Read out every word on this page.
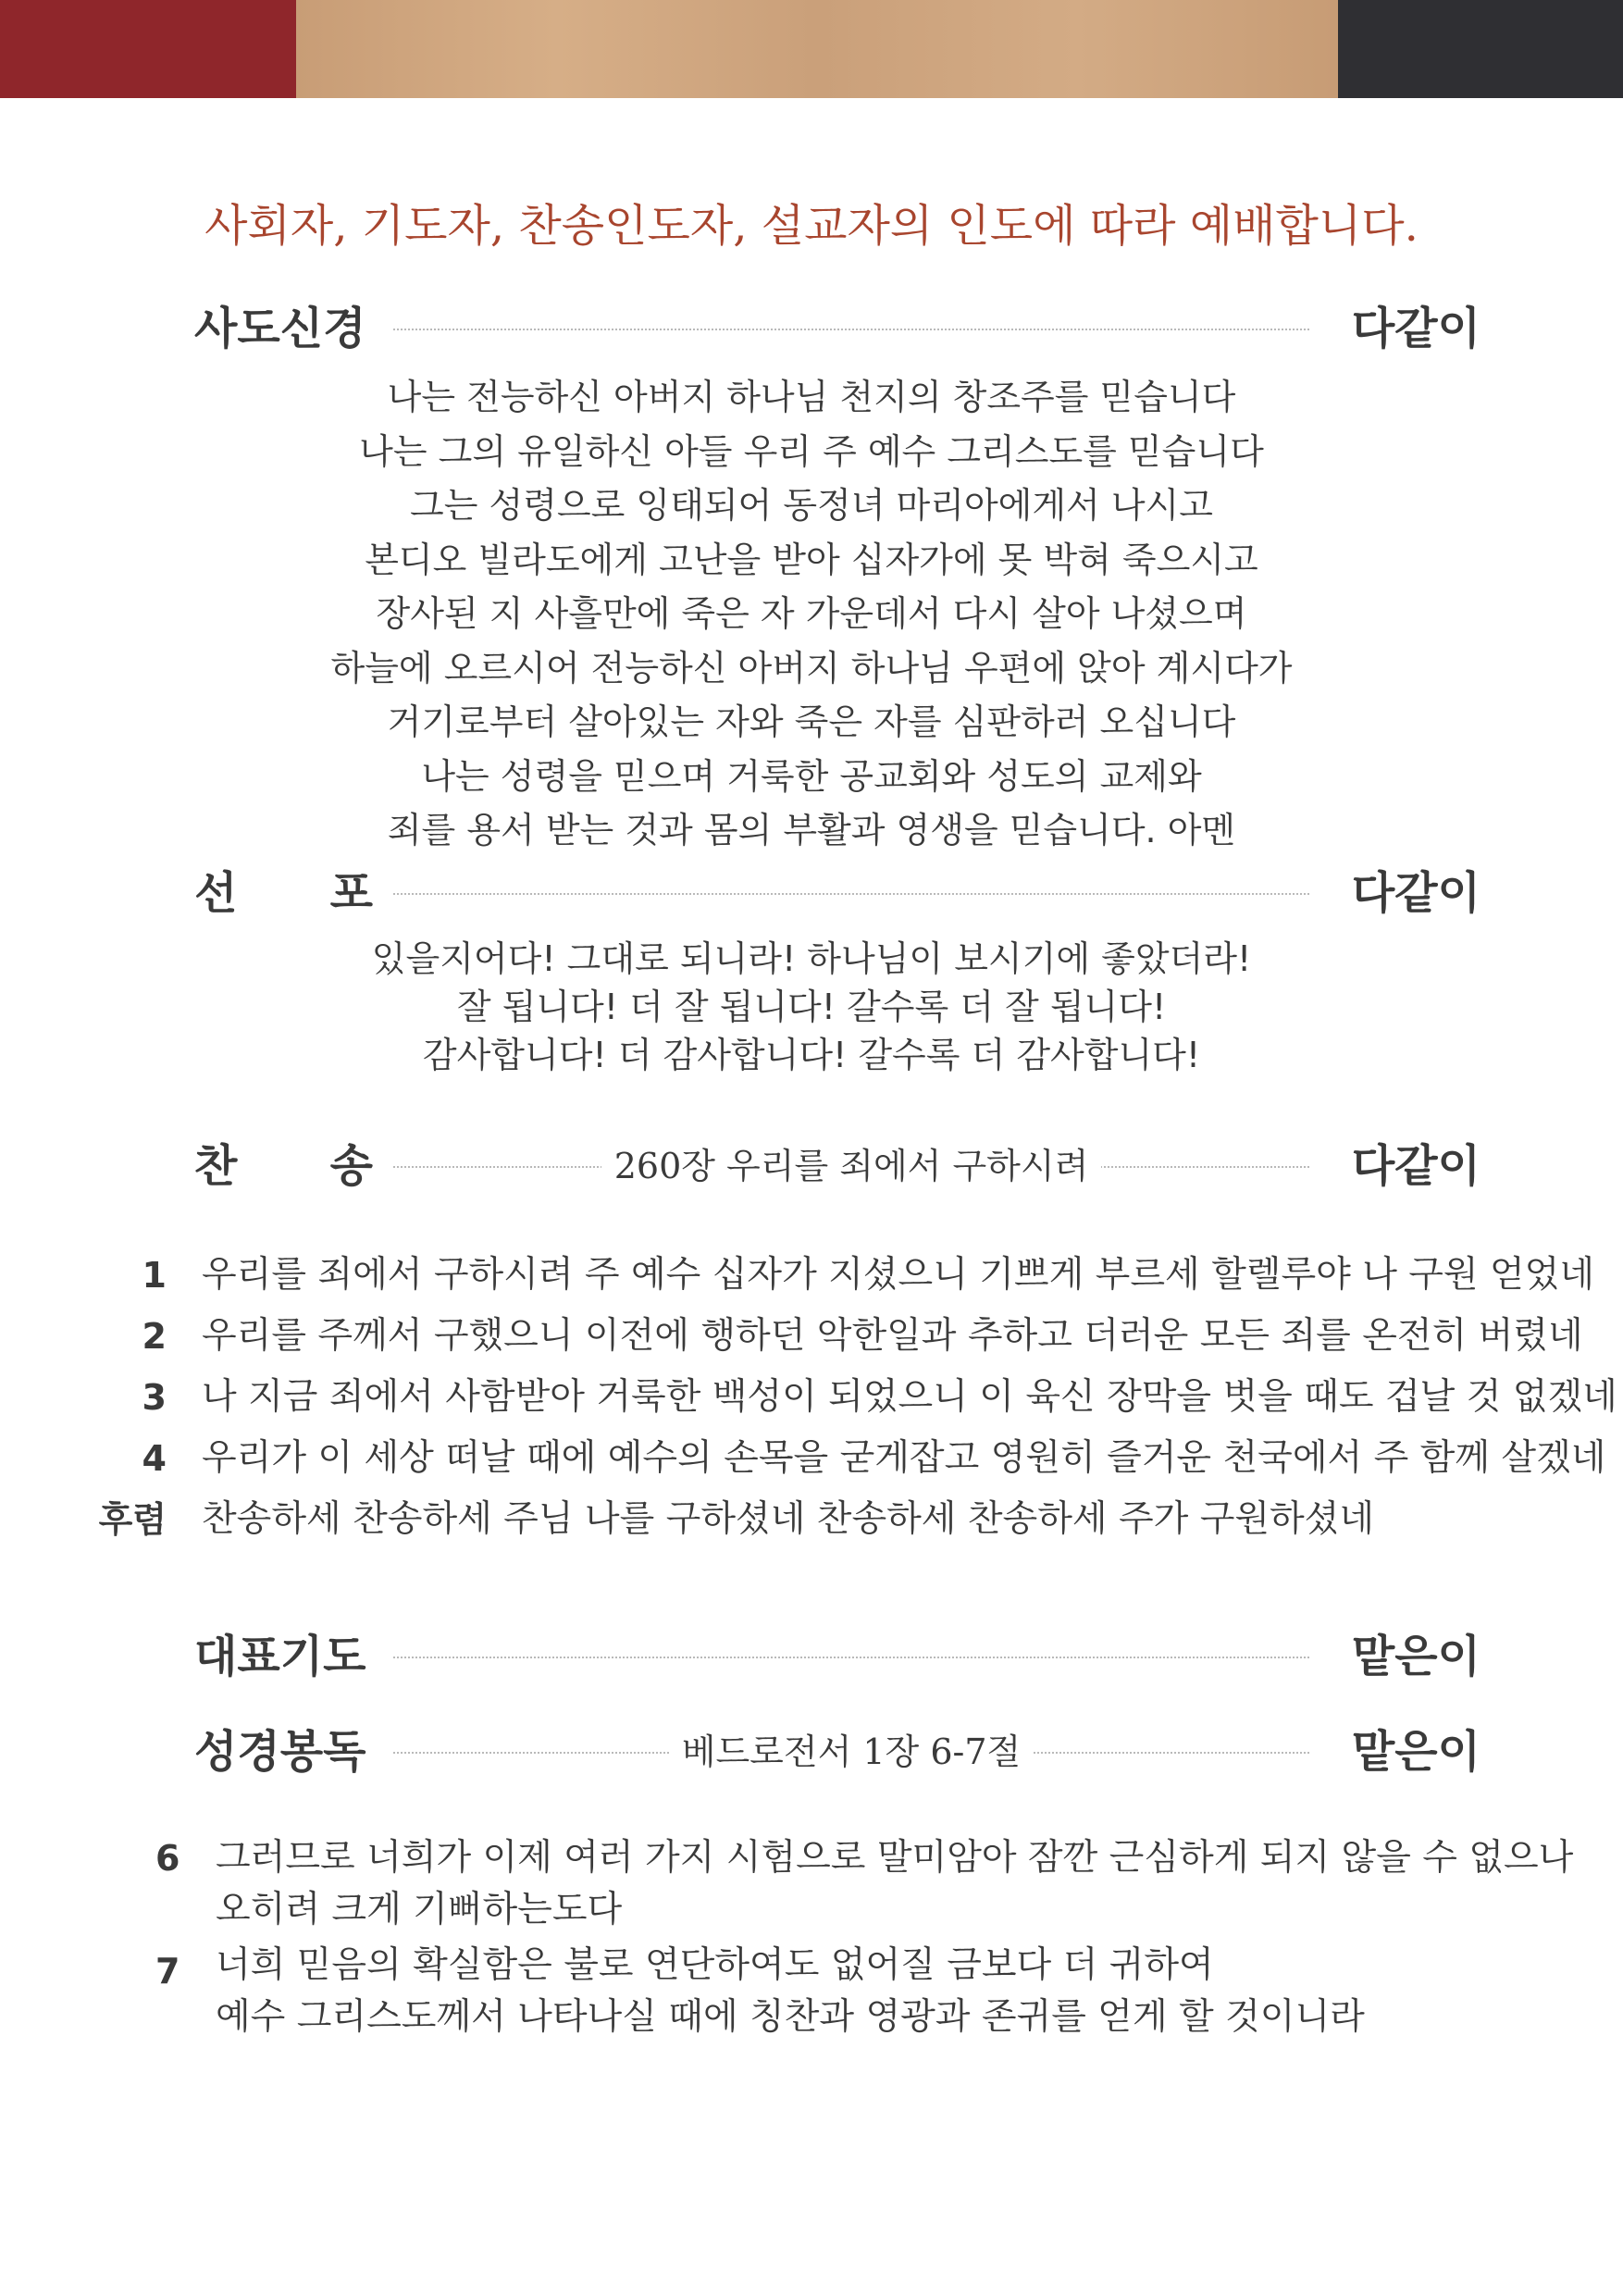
사회자, 기도자, 찬송인도자, 설교자의 인도에 따라 예배합니다.
사도신경	다같이
나는 전능하신 아버지 하나님 천지의 창조주를 믿습니다
나는 그의 유일하신 아들 우리 주 예수 그리스도를 믿습니다
그는 성령으로 잉태되어 동정녀 마리아에게서 나시고
본디오 빌라도에게 고난을 받아 십자가에 못 박혀 죽으시고
장사된 지 사흘만에 죽은 자 가운데서 다시 살아 나셨으며
하늘에 오르시어 전능하신 아버지 하나님 우편에 앉아 계시다가
거기로부터 살아있는 자와 죽은 자를 심판하러 오십니다
나는 성령을 믿으며 거룩한 공교회와 성도의 교제와
죄를 용서 받는 것과 몸의 부활과 영생을 믿습니다. 아멘
선      포	다같이
있을지어다! 그대로 되니라! 하나님이 보시기에 좋았더라!
잘 됩니다! 더 잘 됩니다! 갈수록 더 잘 됩니다!
감사합니다! 더 감사합니다! 갈수록 더 감사합니다!
찬      송	260장 우리를 죄에서 구하시려	다같이
1 우리를 죄에서 구하시려 주 예수 십자가 지셨으니 기쁘게 부르세 할렐루야 나 구원 얻었네
2 우리를 주께서 구했으니 이전에 행하던 악한일과 추하고 더러운 모든 죄를 온전히 버렸네
3 나 지금 죄에서 사함받아 거룩한 백성이 되었으니 이 육신 장막을 벗을 때도 겁날 것 없겠네
4 우리가 이 세상 떠날 때에 예수의 손목을 굳게잡고 영원히 즐거운 천국에서 주 함께 살겠네
후렴 찬송하세 찬송하세 주님 나를 구하셨네 찬송하세 찬송하세 주가 구원하셨네
대표기도	맡은이
성경봉독	베드로전서 1장 6-7절	맡은이
6 그러므로 너희가 이제 여러 가지 시험으로 말미암아 잠깐 근심하게 되지 않을 수 없으나
오히려 크게 기뻐하는도다
7 너희 믿음의 확실함은 불로 연단하여도 없어질 금보다 더 귀하여
예수 그리스도께서 나타나실 때에 칭찬과 영광과 존귀를 얻게 할 것이니라
